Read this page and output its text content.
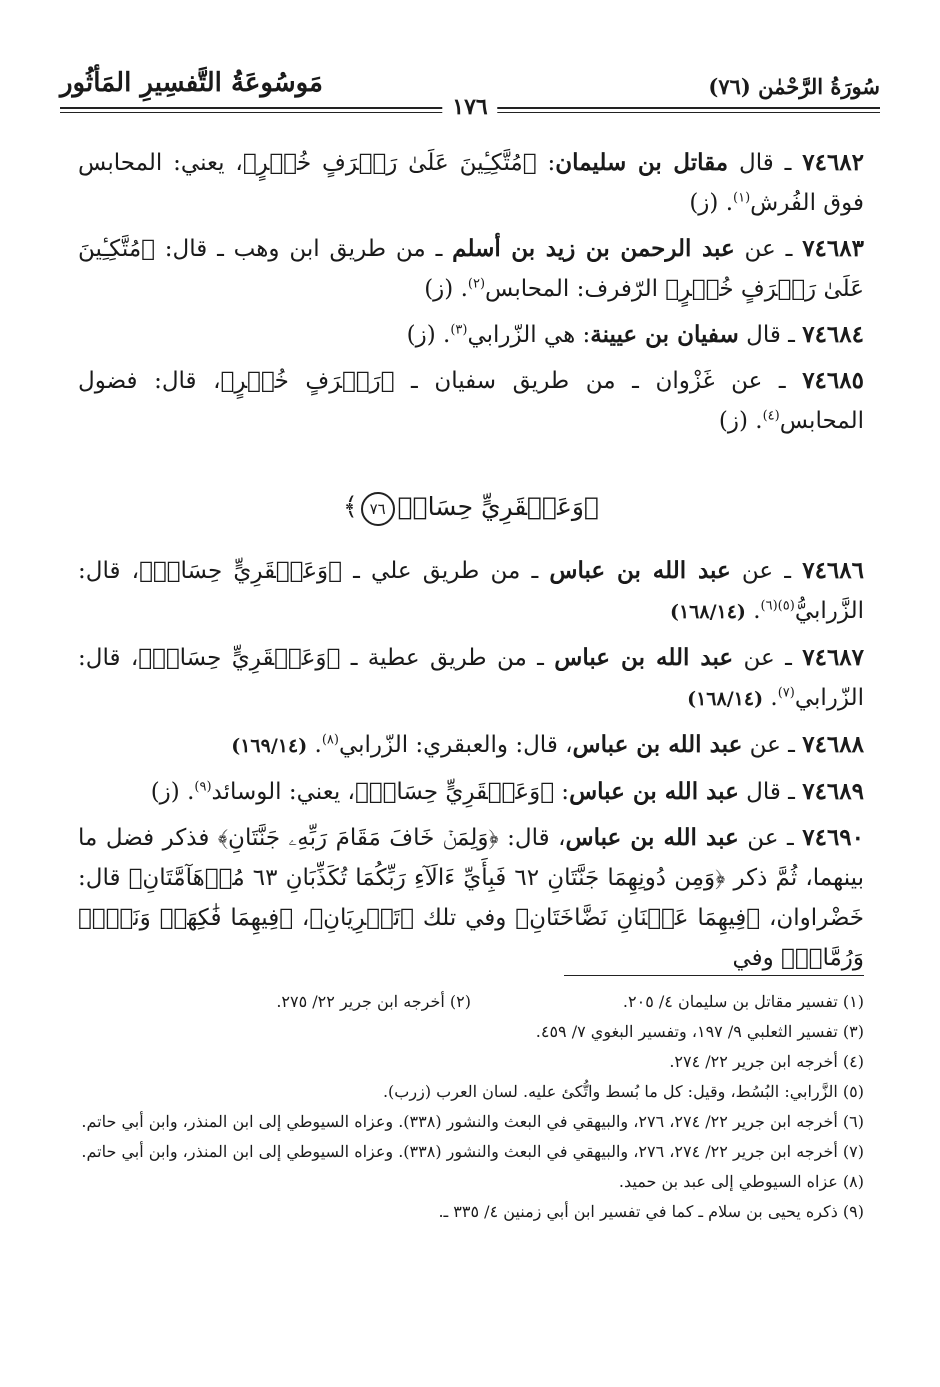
سُورَةُ الرَّحْمٰن (٧٦)
مَوسُوعَةُ التَّفسِيرِ المَأثُور
١٧٦

٧٤٦٨٢ ـ قال مقاتل بن سليمان: ﴿مُتَّكِـِٔينَ عَلَىٰ رَفۡرَفٍ خُضۡرٍ﴾، يعني: المحابس فوق الفُرش$^{(١)}$. (ز)

٧٤٦٨٣ ـ عن عبد الرحمن بن زيد بن أسلم ـ من طريق ابن وهب ـ قال: ﴿مُتَّكِـِٔينَ عَلَىٰ رَفۡرَفٍ خُضۡرٍ﴾ الرّفرف: المحابس$^{(٢)}$. (ز)

٧٤٦٨٤ ـ قال سفيان بن عيينة: هي الزّرابي$^{(٣)}$. (ز)

٧٤٦٨٥ ـ عن غَزْوان ـ من طريق سفيان ـ ﴿رَفۡرَفٍ خُضۡرٍ﴾، قال: فضول المحابس$^{(٤)}$. (ز)

﴿وَعَبۡقَرِيٍّ حِسَانٖ٧٦﴾

٧٤٦٨٦ ـ عن عبد الله بن عباس ـ من طريق علي ـ ﴿وَعَبۡقَرِيٍّ حِسَانٖ﴾، قال: الزَّرابيُّ$^{(٥)(٦)}$. (١٦٨/١٤)

٧٤٦٨٧ ـ عن عبد الله بن عباس ـ من طريق عطية ـ ﴿وَعَبۡقَرِيٍّ حِسَانٖ﴾، قال: الزّرابي$^{(٧)}$. (١٦٨/١٤)

٧٤٦٨٨ ـ عن عبد الله بن عباس، قال: والعبقري: الزّرابي$^{(٨)}$. (١٦٩/١٤)

٧٤٦٨٩ ـ قال عبد الله بن عباس: ﴿وَعَبۡقَرِيٍّ حِسَانٖ﴾، يعني: الوسائد$^{(٩)}$. (ز)

٧٤٦٩٠ ـ عن عبد الله بن عباس، قال: ﴿وَلِمَنۡ خَافَ مَقَامَ رَبِّهِۦ جَنَّتَانِ﴾ فذكر فضل ما بينهما، ثُمَّ ذكر ﴿وَمِن دُونِهِمَا جَنَّتَانِ ٦٢ فَبِأَيِّ ءَالَآءِ رَبِّكُمَا تُكَذِّبَانِ ٦٣ مُدۡهَآمَّتَانِ﴾ قال: خَضْراوان، ﴿فِيهِمَا عَيۡنَانِ نَضَّاخَتَانِ﴾ وفي تلك ﴿تَجۡرِيَانِ﴾، ﴿فِيهِمَا فَٰكِهَةٞ وَنَخۡلٞ وَرُمَّانٞ﴾ وفي

(١) تفسير مقاتل بن سليمان ٤/ ٢٠٥.

(٢) أخرجه ابن جرير ٢٢/ ٢٧٥.

(٣) تفسير الثعلبي ٩/ ١٩٧، وتفسير البغوي ٧/ ٤٥٩.

(٤) أخرجه ابن جرير ٢٢/ ٢٧٤.

(٥) الزَّرابي: البُسُط، وقيل: كل ما بُسط واتُّكئ عليه. لسان العرب (زرب).

(٦) أخرجه ابن جرير ٢٢/ ٢٧٤، ٢٧٦، والبيهقي في البعث والنشور (٣٣٨). وعزاه السيوطي إلى ابن المنذر، وابن أبي حاتم.

(٧) أخرجه ابن جرير ٢٢/ ٢٧٤، ٢٧٦، والبيهقي في البعث والنشور (٣٣٨). وعزاه السيوطي إلى ابن المنذر، وابن أبي حاتم.

(٨) عزاه السيوطي إلى عبد بن حميد.

(٩) ذكره يحيى بن سلام ـ كما في تفسير ابن أبي زمنين ٤/ ٣٣٥ ـ.
